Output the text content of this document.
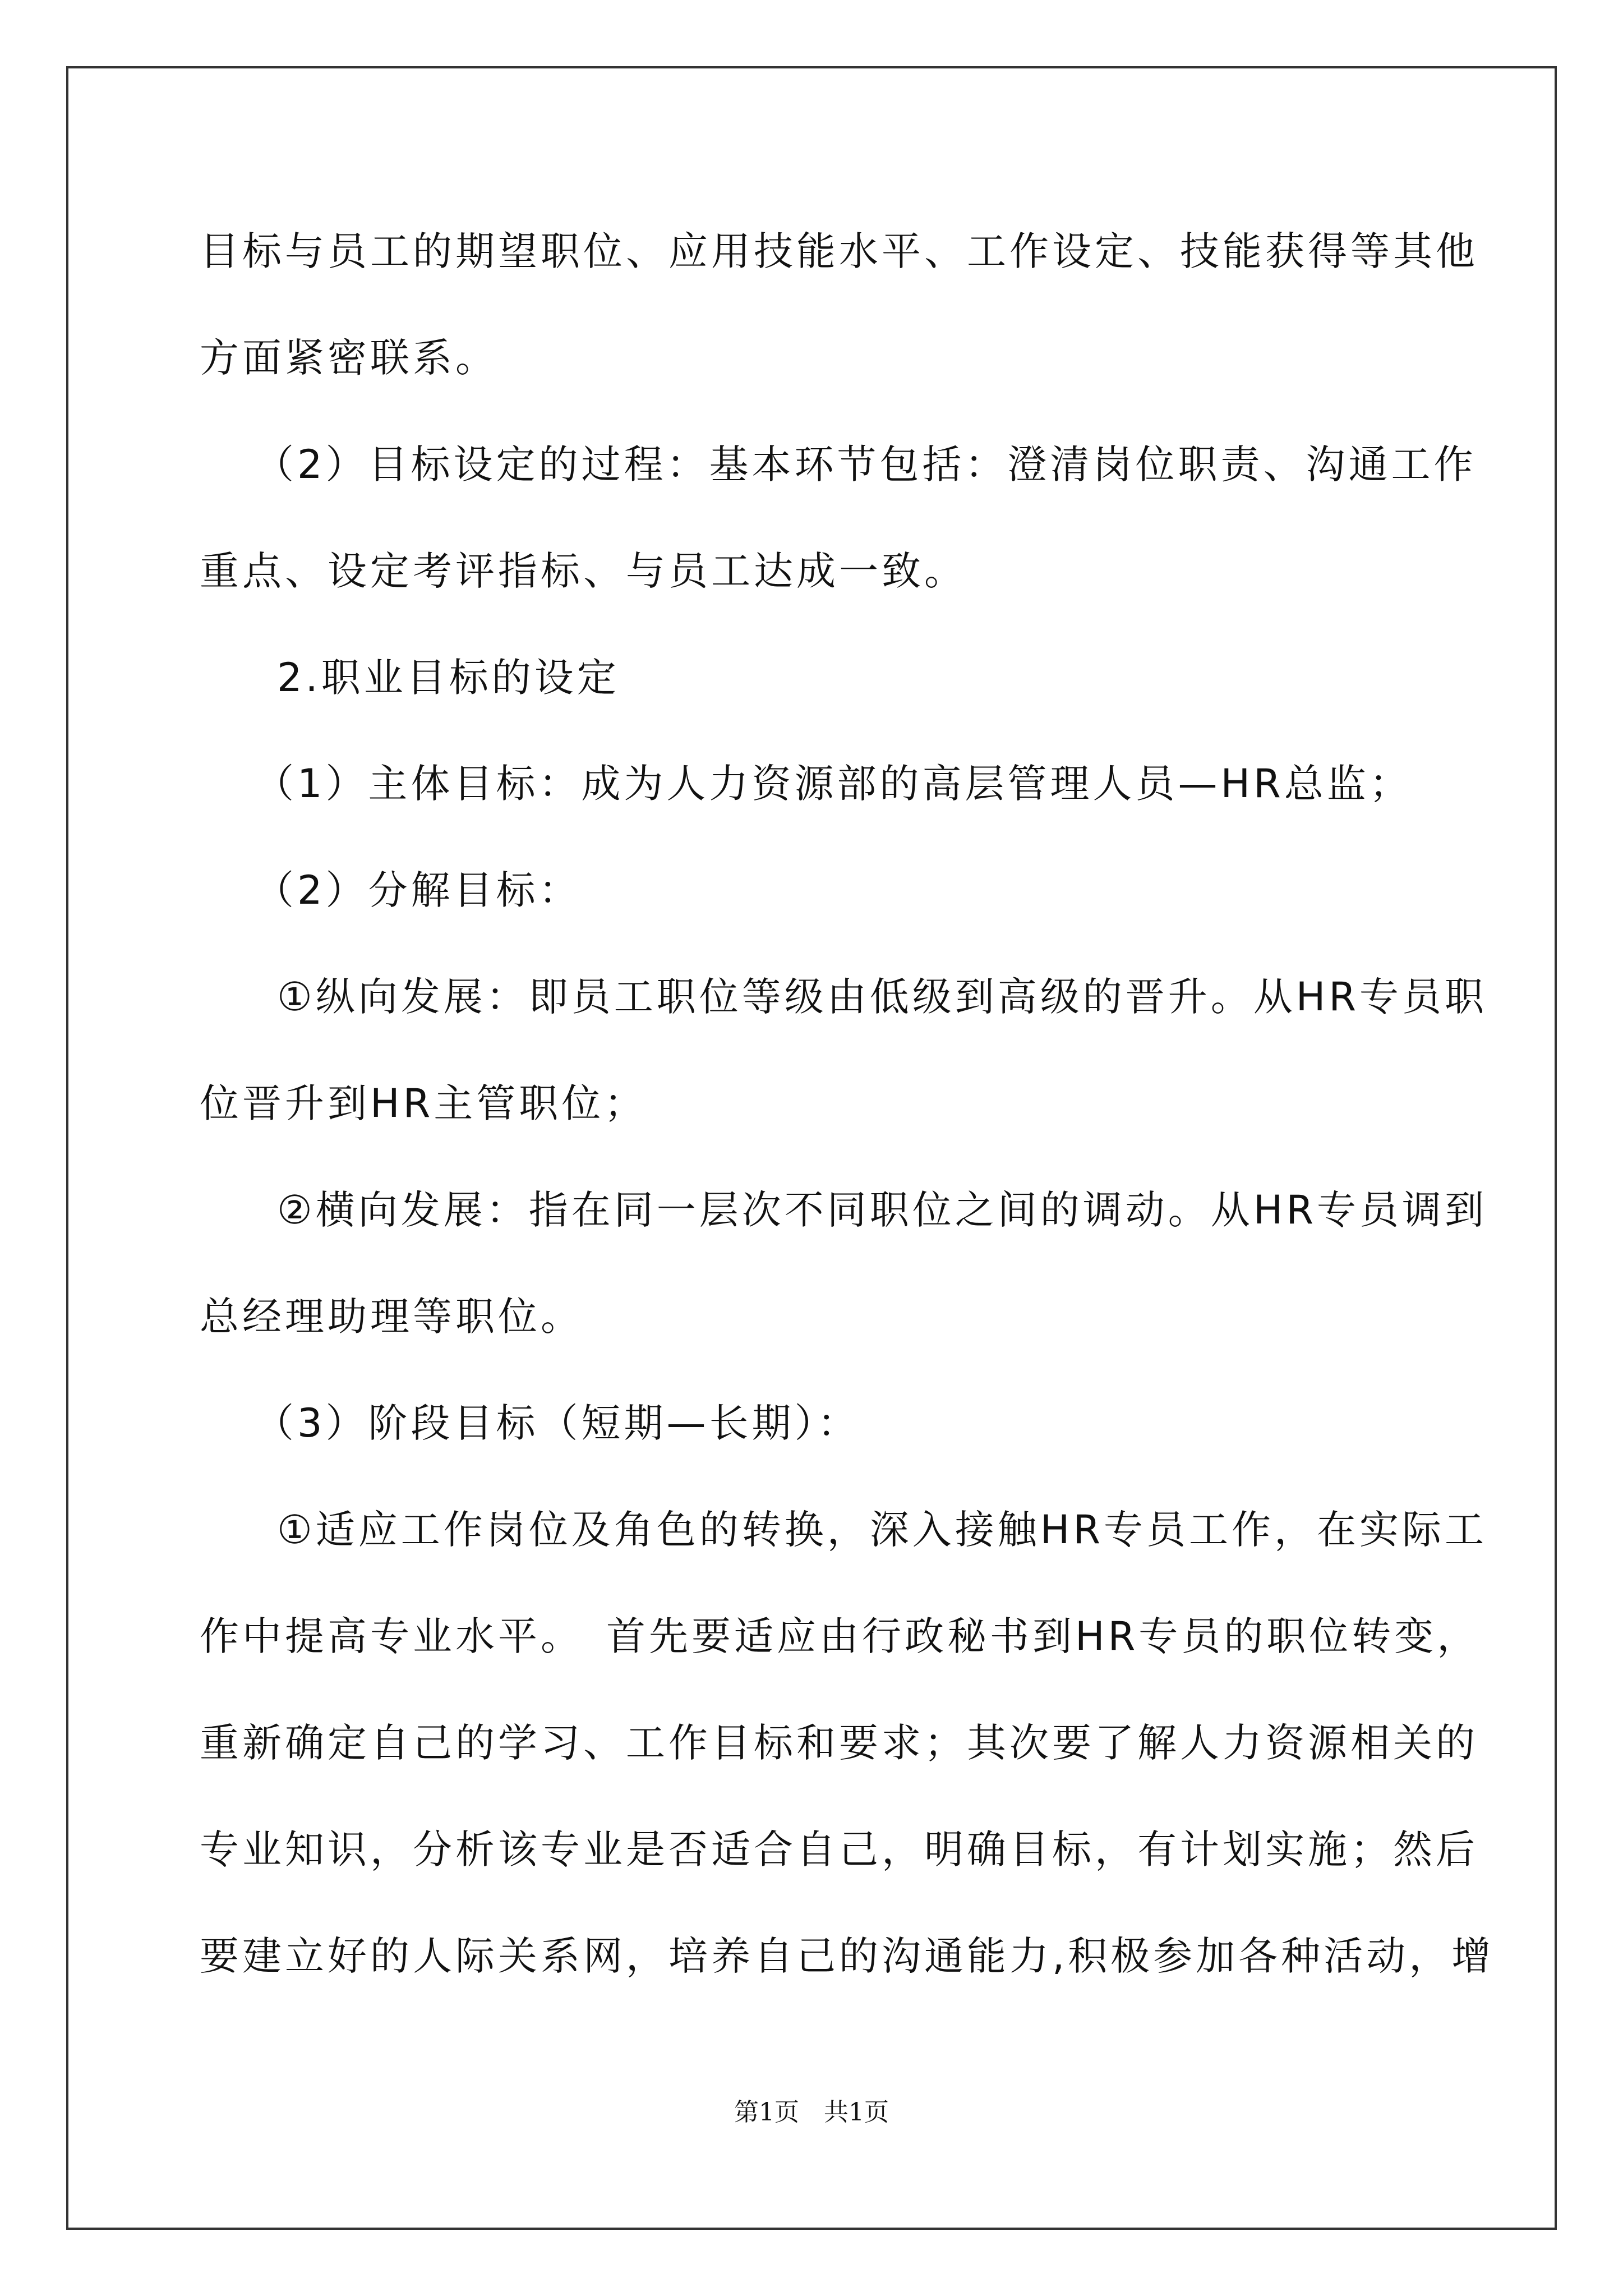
目标与员工的期望职位、应用技能水平、工作设定、技能获得等其他
方面紧密联系。
（2）目标设定的过程：基本环节包括：澄清岗位职责、沟通工作
重点、设定考评指标、与员工达成一致。
2.职业目标的设定
（1）主体目标：成为人力资源部的高层管理人员—HR总监；
（2）分解目标：
①纵向发展：即员工职位等级由低级到高级的晋升。从HR专员职
位晋升到HR主管职位；
②横向发展：指在同一层次不同职位之间的调动。从HR专员调到
总经理助理等职位。
（3）阶段目标（短期—长期）：
①适应工作岗位及角色的转换，深入接触HR专员工作，在实际工
作中提高专业水平。　首先要适应由行政秘书到HR专员的职位转变，
重新确定自己的学习、工作目标和要求；其次要了解人力资源相关的
专业知识，分析该专业是否适合自己，明确目标，有计划实施；然后
要建立好的人际关系网，培养自己的沟通能力,积极参加各种活动，增
第1页　共1页
